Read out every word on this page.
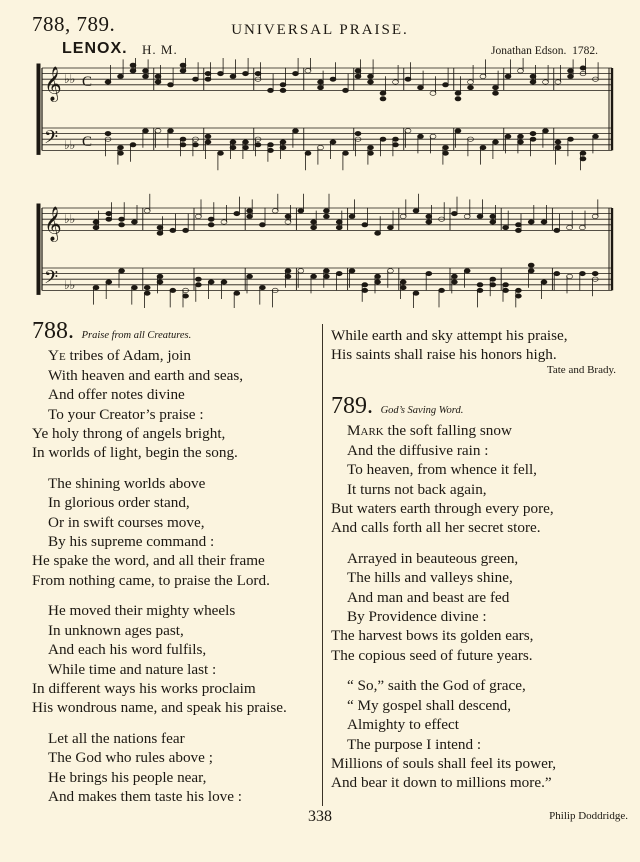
788, 789.	UNIVERSAL PRAISE.
LENOX. H. M.	Jonathan Edson. 1782.
𝄞 ♭♭ C
𝄢 ♭♭ C
𝄞 ♭♭
𝄢 ♭♭
788. Praise from all Creatures.
Ye tribes of Adam, join
With heaven and earth and seas,
And offer notes divine
To your Creator’s praise :
Ye holy throng of angels bright,
In worlds of light, begin the song.
The shining worlds above
In glorious order stand,
Or in swift courses move,
By his supreme command :
He spake the word, and all their frame
From nothing came, to praise the Lord.
He moved their mighty wheels
In unknown ages past,
And each his word fulfils,
While time and nature last :
In different ways his works proclaim
His wondrous name, and speak his praise.
Let all the nations fear
The God who rules above ;
He brings his people near,
And makes them taste his love :
While earth and sky attempt his praise,
His saints shall raise his honors high.
Tate and Brady.
789. God’s Saving Word.
Mark the soft falling snow
And the diffusive rain :
To heaven, from whence it fell,
It turns not back again,
But waters earth through every pore,
And calls forth all her secret store.
Arrayed in beauteous green,
The hills and valleys shine,
And man and beast are fed
By Providence divine :
The harvest bows its golden ears,
The copious seed of future years.
“ So,” saith the God of grace,
“ My gospel shall descend,
Almighty to effect
The purpose I intend :
Millions of souls shall feel its power,
And bear it down to millions more.”
338	Philip Doddridge.
